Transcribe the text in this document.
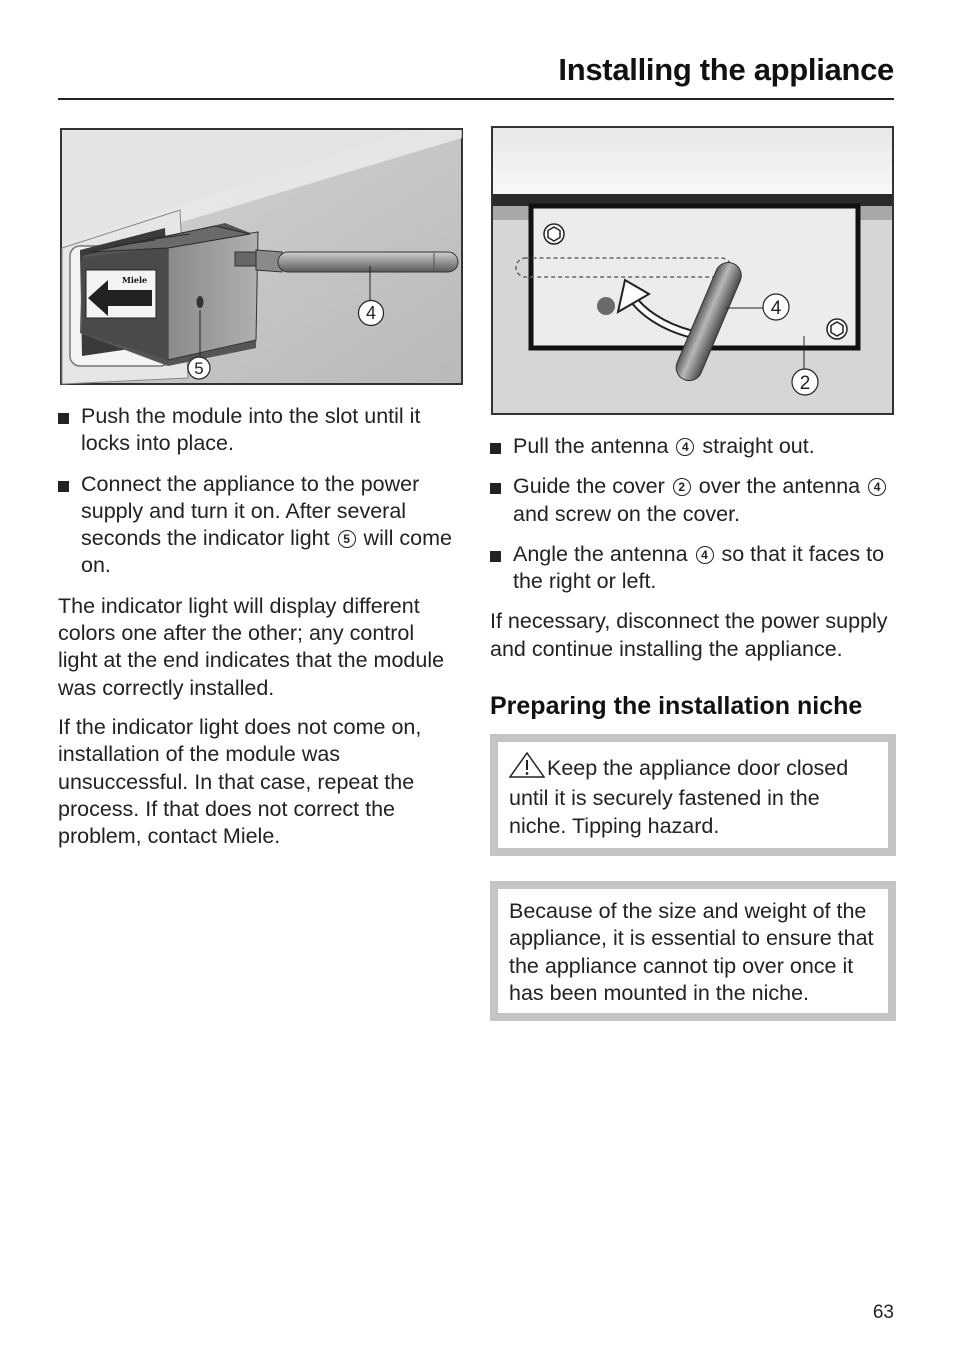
Installing the appliance
Miele
4
5
4
2
Push the module into the slot until it locks into place.
Connect the appliance to the power supply and turn it on. After several seconds the indicator light 5 will come on.

The indicator light will display different colors one after the other; any control light at the end indicates that the module was correctly installed.

If the indicator light does not come on, installation of the module was unsuccessful. In that case, repeat the process. If that does not correct the problem, contact Miele.

Pull the antenna 4 straight out.
Guide the cover 2 over the antenna 4 and screw on the cover.
Angle the antenna 4 so that it faces to the right or left.

If necessary, disconnect the power supply and continue installing the appliance.

Preparing the installation niche
Keep the appliance door closed until it is securely fastened in the niche. Tipping hazard.
Because of the size and weight of the appliance, it is essential to ensure that the appliance cannot tip over once it has been mounted in the niche.
63
